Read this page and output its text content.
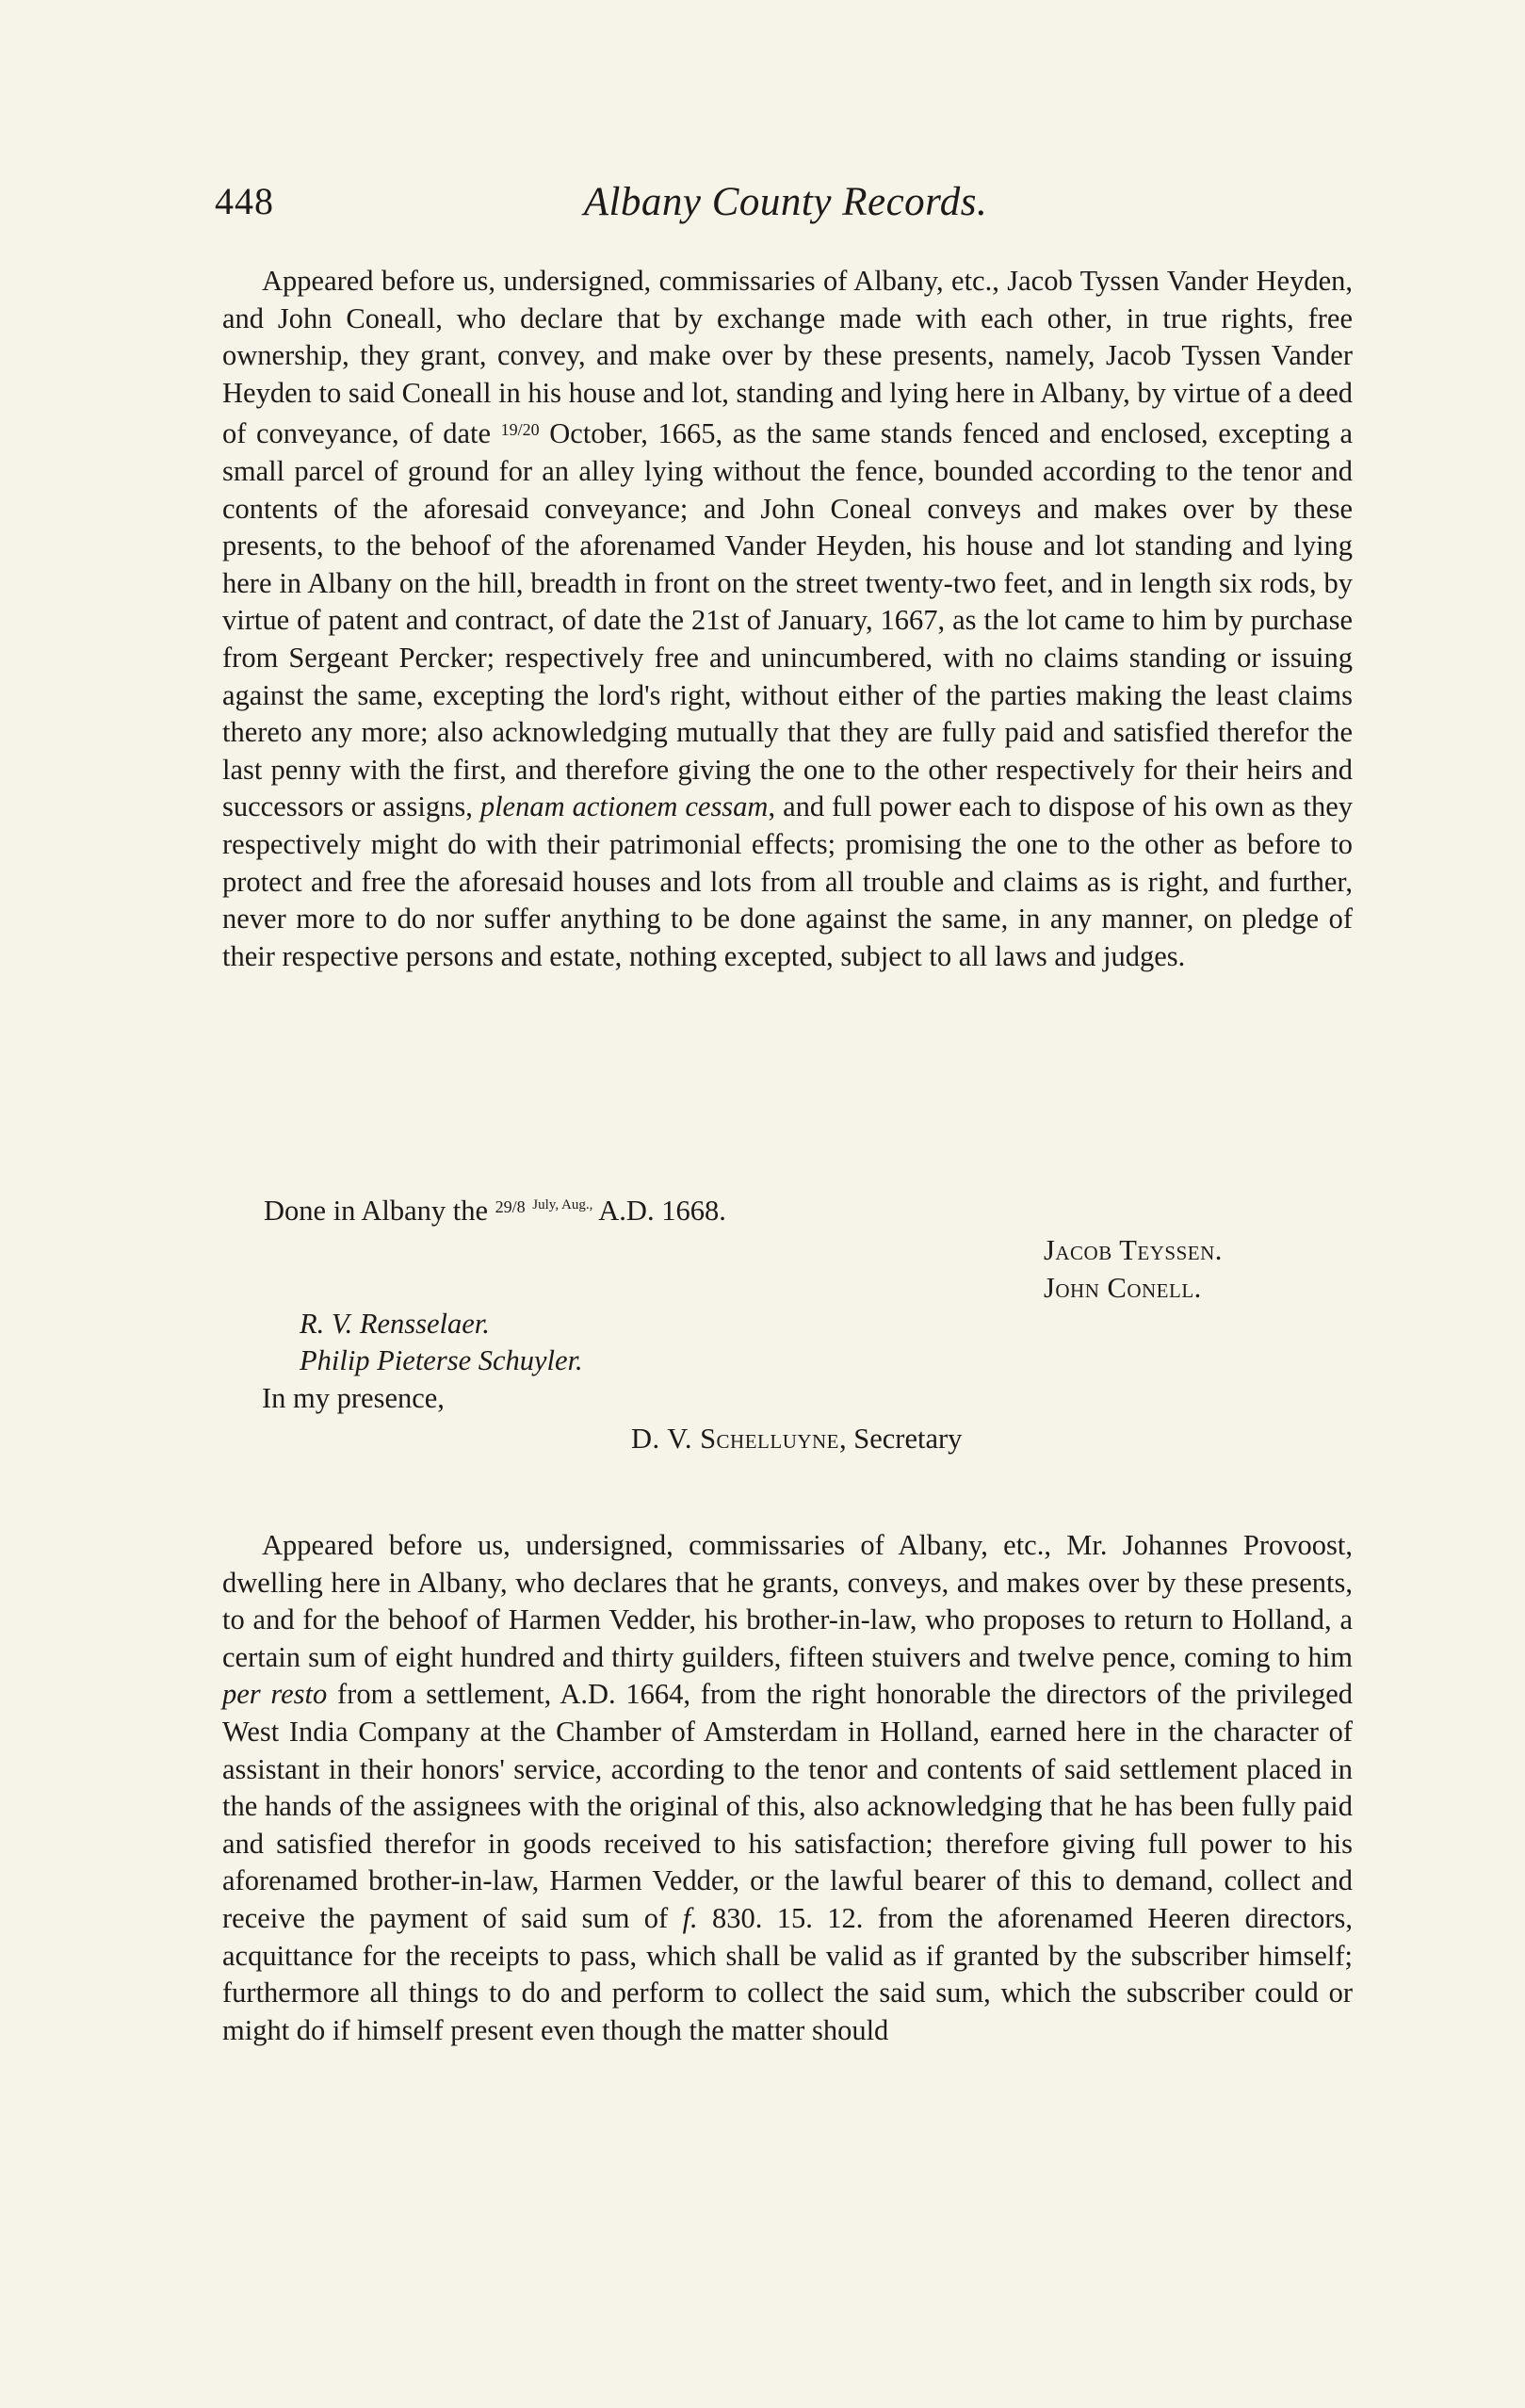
448	Albany County Records.

Appeared before us, undersigned, commissaries of Albany, etc., Jacob Tyssen Vander Heyden, and John Coneall, who declare that by exchange made with each other, in true rights, free ownership, they grant, convey, and make over by these presents, namely, Jacob Tyssen Vander Heyden to said Coneall in his house and lot, standing and lying here in Albany, by virtue of a deed of conveyance, of date $^{19/20}$ October, 1665, as the same stands fenced and enclosed, excepting a small parcel of ground for an alley lying without the fence, bounded according to the tenor and contents of the aforesaid conveyance; and John Coneal conveys and makes over by these presents, to the behoof of the aforenamed Vander Heyden, his house and lot standing and lying here in Albany on the hill, breadth in front on the street twenty-two feet, and in length six rods, by virtue of patent and contract, of date the 21st of January, 1667, as the lot came to him by purchase from Sergeant Percker; respectively free and unincumbered, with no claims standing or issuing against the same, excepting the lord's right, without either of the parties making the least claims thereto any more; also acknowledging mutually that they are fully paid and satisfied therefor the last penny with the first, and therefore giving the one to the other respectively for their heirs and successors or assigns, plenam actionem cessam, and full power each to dispose of his own as they respectively might do with their patrimonial effects; promising the one to the other as before to protect and free the aforesaid houses and lots from all trouble and claims as is right, and further, never more to do nor suffer anything to be done against the same, in any manner, on pledge of their respective persons and estate, nothing excepted, subject to all laws and judges.

Done in Albany the $^{29/8}$ $^{July, Aug.,}$ A.D. 1668.
Jacob Teyssen.
John Conell.
R. V. Rensselaer.
Philip Pieterse Schuyler.
In my presence,
D. V. Schelluyne, Secretary

Appeared before us, undersigned, commissaries of Albany, etc., Mr. Johannes Provoost, dwelling here in Albany, who declares that he grants, conveys, and makes over by these presents, to and for the behoof of Harmen Vedder, his brother-in-law, who proposes to return to Holland, a certain sum of eight hundred and thirty guilders, fifteen stuivers and twelve pence, coming to him per resto from a settlement, A.D. 1664, from the right honorable the directors of the privileged West India Company at the Chamber of Amsterdam in Holland, earned here in the character of assistant in their honors' service, according to the tenor and contents of said settlement placed in the hands of the assignees with the original of this, also acknowledging that he has been fully paid and satisfied therefor in goods received to his satisfaction; therefore giving full power to his aforenamed brother-in-law, Harmen Vedder, or the lawful bearer of this to demand, collect and receive the payment of said sum of f. 830. 15. 12. from the aforenamed Heeren directors, acquittance for the receipts to pass, which shall be valid as if granted by the subscriber himself; furthermore all things to do and perform to collect the said sum, which the subscriber could or might do if himself present even though the matter should
